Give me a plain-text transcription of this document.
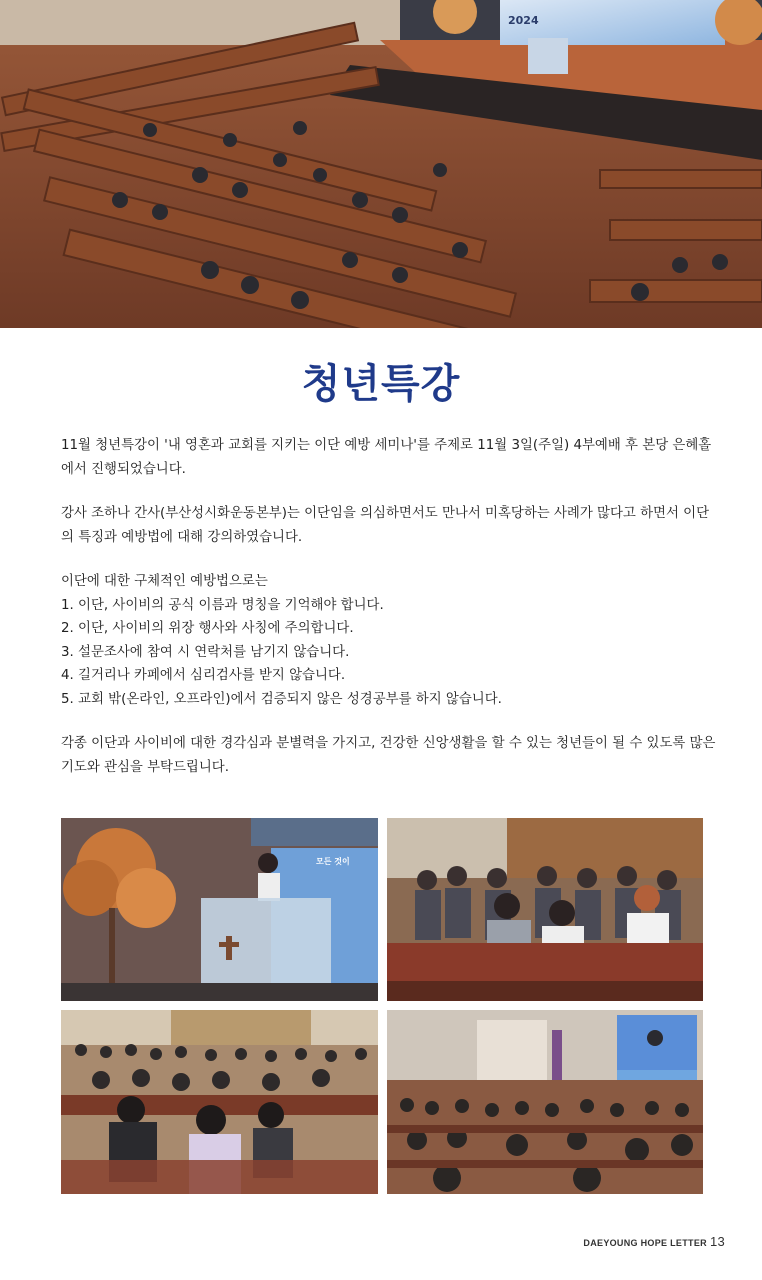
2024
청년특강

11월 청년특강이 '내 영혼과 교회를 지키는 이단 예방 세미나'를 주제로 11월 3일(주일) 4부예배 후 본당 은혜홀에서 진행되었습니다.

강사 조하나 간사(부산성시화운동본부)는 이단임을 의심하면서도 만나서 미혹당하는 사례가 많다고 하면서 이단의 특징과 예방법에 대해 강의하였습니다.

이단에 대한 구체적인 예방법으로는
1. 이단, 사이비의 공식 이름과 명칭을 기억해야 합니다.
2. 이단, 사이비의 위장 행사와 사칭에 주의합니다.
3. 설문조사에 참여 시 연락처를 남기지 않습니다.
4. 길거리나 카페에서 심리검사를 받지 않습니다.
5. 교회 밖(온라인, 오프라인)에서 검증되지 않은 성경공부를 하지 않습니다.

각종 이단과 사이비에 대한 경각심과 분별력을 가지고, 건강한 신앙생활을 할 수 있는 청년들이 될 수 있도록 많은 기도와 관심을 부탁드립니다.

모든 것이
DAEYOUNG HOPE LETTER 13
